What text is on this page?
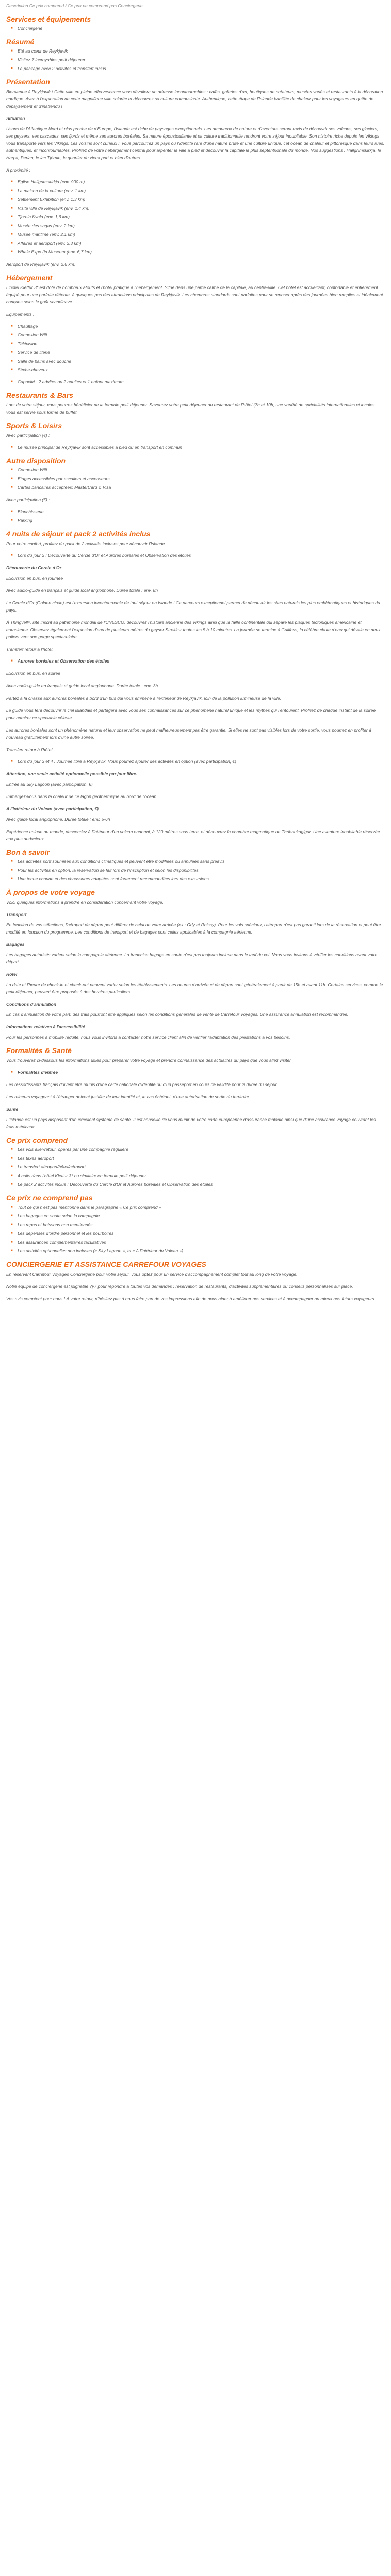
Description Ce prix comprend / Ce prix ne comprend pas Conciergerie
Services et équipements
■ Conciergerie
Résumé
■ Eté au cœur de Reykjavik
■ Visitez 7 incroyables petit déjeuner
■ Le package avec 2 activités et transfert inclus
Présentation

Bienvenue à Reykjavik ! Cette ville en pleine effervescence vous dévoilera un adresse incontournables : cafés, galeries d'art, boutiques de créateurs, musées variés et restaurants à la décoration nordique. Avec à l'exploration de cette magnifique ville colorée et découvrez sa culture enthousiaste. Authentique, cette étape de l'Islande habillée de chaleur pour les voyageurs en quête de dépaysement et d'inattendu !

Situation

Usons de l'Atlantique Nord et plus proche de d'Europe, l'Islande est riche de paysages exceptionnels. Les amoureux de nature et d'aventure seront ravis de découvrir ses volcans, ses glaciers, ses geysers, ses cascades, ses fjords et même ses aurores boréales. Sa nature époustouflante et sa culture traditionnelle rendront votre séjour inoubliable. Son histoire riche depuis les Vikings vous transporte vers les Vikings. Les voisins sont curieux !, vous parcourrez un pays où l'identité rare d'une nature brute et une culture unique, cet océan de chaleur et pittoresque dans leurs rues, authentiques, et incontournables. Profitez de votre hébergement central pour arpenter la ville à pied et découvrir la capitale la plus septentrionale du monde. Nos suggestions : Hallgrímskirkja, le Harpa, Perlan, le lac Tjörnin, le quartier du vieux port et bien d'autres.

A proximité :

■ Eglise Hallgrimskirkja (env. 900 m)
■ La maison de la culture (env. 1 km)
■ Settlement Exhibition (env. 1,3 km)
■ Visite ville de Reykjavik (env. 1,4 km)
■ Tjornin Kvala (env. 1,6 km)
■ Musée des sagas (env. 2 km)
■ Musée maritime (env. 2,1 km)
■ Affaires et aéroport (env. 2,3 km)
■ Whale Expo (in Museum (env. 6,7 km)

Aéroport de Reykjavik (env. 2,6 km)

Hébergement

L'hôtel Klettur 3* est doté de nombreux atouts et l'hôtel pratique à l'hébergement. Situé dans une partie calme de la capitale, au centre-ville. Cet hôtel est accueillant, confortable et entièrement équipé pour une parfaite détente, à quelques pas des attractions principales de Reykjavik. Les chambres standards sont parfaites pour se reposer après des journées bien remplies et idéalement conçues selon le goût scandinave.

Equipements :

■ Chauffage
■ Connexion Wifi
■ Télévision
■ Service de literie
■ Salle de bains avec douche
■ Sèche-cheveux
■ Capacité : 2 adultes ou 2 adultes et 1 enfant maximum
Restaurants & Bars

Lors de votre séjour, vous pourrez bénéficier de la formule petit déjeuner. Savourez votre petit déjeuner au restaurant de l'hôtel (7h et 10h, une variété de spécialités internationales et locales vous est servie sous forme de buffet.

Sports & Loisirs

Avec participation (€) :

■ Le musée principal de Reykjavík sont accessibles à pied ou en transport en commun
Autre disposition
■ Connexion Wifi
■ Étages accessibles par escaliers et ascenseurs
■ Cartes bancaires acceptées: MasterCard & Visa

Avec participation (€) :

■ Blanchisserie
■ Parking
4 nuits de séjour et pack 2 activités inclus

Pour votre confort, profitez du pack de 2 activités incluses pour découvrir l'Islande.

■ Lors du jour 2 : Découverte du Cercle d'Or et Aurores boréales et Observation des étoiles

Découverte du Cercle d'Or

Excursion en bus, en journée

Avec audio-guide en français et guide local anglophone. Durée totale : env. 8h

Le Cercle d'Or (Golden circle) est l'excursion incontournable de tout séjour en Islande ! Ce parcours exceptionnel permet de découvrir les sites naturels les plus emblématiques et historiques du pays.

À Thingvellir, site inscrit au patrimoine mondial de l'UNESCO, découvrez l'histoire ancienne des Vikings ainsi que la faille continentale qui sépare les plaques tectoniques américaine et eurasienne. Observez également l'explosion d'eau de plusieurs mètres du geyser Strokkur toutes les 5 à 10 minutes. La journée se termine à Gullfoss, la célèbre chute d'eau qui dévale en deux paliers vers une gorge spectaculaire.

Transfert retour à l'hôtel.

■ Aurores boréales et Observation des étoiles

Excursion en bus, en soirée

Avec audio-guide en français et guide local anglophone. Durée totale : env. 3h

Partez à la chasse aux aurores boréales à bord d'un bus qui vous emmène à l'extérieur de Reykjavik, loin de la pollution lumineuse de la ville.

Le guide vous fera découvrir le ciel islandais et partagera avec vous ses connaissances sur ce phénomène naturel unique et les mythes qui l'entourent. Profitez de chaque instant de la soirée pour admirer ce spectacle céleste.

Les aurores boréales sont un phénomène naturel et leur observation ne peut malheureusement pas être garantie. Si elles ne sont pas visibles lors de votre sortie, vous pourrez en profiter à nouveau gratuitement lors d'une autre soirée.

Transfert retour à l'hôtel.

■ Lors du jour 3 et 4 : Journée libre à Reykjavik. Vous pourrez ajouter des activités en option (avec participation, €)

Attention, une seule activité optionnelle possible par jour libre.

Entrée au Sky Lagoon (avec participation, €)

Immergez-vous dans la chaleur de ce lagon géothermique au bord de l'océan.

A l'intérieur du Volcan (avec participation, €)

Avec guide local anglophone. Durée totale : env. 5-6h

Expérience unique au monde, descendez à l'intérieur d'un volcan endormi, à 120 mètres sous terre, et découvrez la chambre magmatique de Thrihnukagigur. Une aventure inoubliable réservée aux plus audacieux.

Bon à savoir
■ Les activités sont soumises aux conditions climatiques et peuvent être modifiées ou annulées sans préavis.
■ Pour les activités en option, la réservation se fait lors de l'inscription et selon les disponibilités.
■ Une tenue chaude et des chaussures adaptées sont fortement recommandées lors des excursions.
À propos de votre voyage

Voici quelques informations à prendre en considération concernant votre voyage.

Transport

En fonction de vos sélections, l'aéroport de départ peut différer de celui de votre arrivée (ex : Orly et Roissy). Pour les vols spéciaux, l'aéroport n'est pas garanti lors de la réservation et peut être modifié en fonction du programme. Les conditions de transport et de bagages sont celles applicables à la compagnie aérienne.

Bagages

Les bagages autorisés varient selon la compagnie aérienne. La franchise bagage en soute n'est pas toujours incluse dans le tarif du vol. Nous vous invitons à vérifier les conditions avant votre départ.

Hôtel

La date et l'heure de check-in et check-out peuvent varier selon les établissements. Les heures d'arrivée et de départ sont généralement à partir de 15h et avant 11h. Certains services, comme le petit déjeuner, peuvent être proposés à des horaires particuliers.

Conditions d'annulation

En cas d'annulation de votre part, des frais pourront être appliqués selon les conditions générales de vente de Carrefour Voyages. Une assurance annulation est recommandée.

Informations relatives à l'accessibilité

Pour les personnes à mobilité réduite, nous vous invitons à contacter notre service client afin de vérifier l'adaptation des prestations à vos besoins.

Formalités & Santé

Vous trouverez ci-dessous les informations utiles pour préparer votre voyage et prendre connaissance des actualités du pays que vous allez visiter.

■ Formalités d'entrée

Les ressortissants français doivent être munis d'une carte nationale d'identité ou d'un passeport en cours de validité pour la durée du séjour.

Les mineurs voyageant à l'étranger doivent justifier de leur identité et, le cas échéant, d'une autorisation de sortie du territoire.

Santé

L'Islande est un pays disposant d'un excellent système de santé. Il est conseillé de vous munir de votre carte européenne d'assurance maladie ainsi que d'une assurance voyage couvrant les frais médicaux.

Ce prix comprend
■ Les vols aller/retour, opérés par une compagnie régulière
■ Les taxes aéroport
■ Le transfert aéroport/hôtel/aéroport
■ 4 nuits dans l'hôtel Klettur 3* ou similaire en formule petit déjeuner
■ Le pack 2 activités inclus : Découverte du Cercle d'Or et Aurores boréales et Observation des étoiles
Ce prix ne comprend pas
■ Tout ce qui n'est pas mentionné dans le paragraphe « Ce prix comprend »
■ Les bagages en soute selon la compagnie
■ Les repas et boissons non mentionnés
■ Les dépenses d'ordre personnel et les pourboires
■ Les assurances complémentaires facultatives
■ Les activités optionnelles non incluses (« Sky Lagoon », et « A l'intérieur du Volcan »)
CONCIERGERIE ET ASSISTANCE CARREFOUR VOYAGES

En réservant Carrefour Voyages Conciergerie pour votre séjour, vous optez pour un service d'accompagnement complet tout au long de votre voyage.

Notre équipe de conciergerie est joignable 7j/7 pour répondre à toutes vos demandes : réservation de restaurants, d'activités supplémentaires ou conseils personnalisés sur place.

Vos avis comptent pour nous ! À votre retour, n'hésitez pas à nous faire part de vos impressions afin de nous aider à améliorer nos services et à accompagner au mieux nos futurs voyageurs.
